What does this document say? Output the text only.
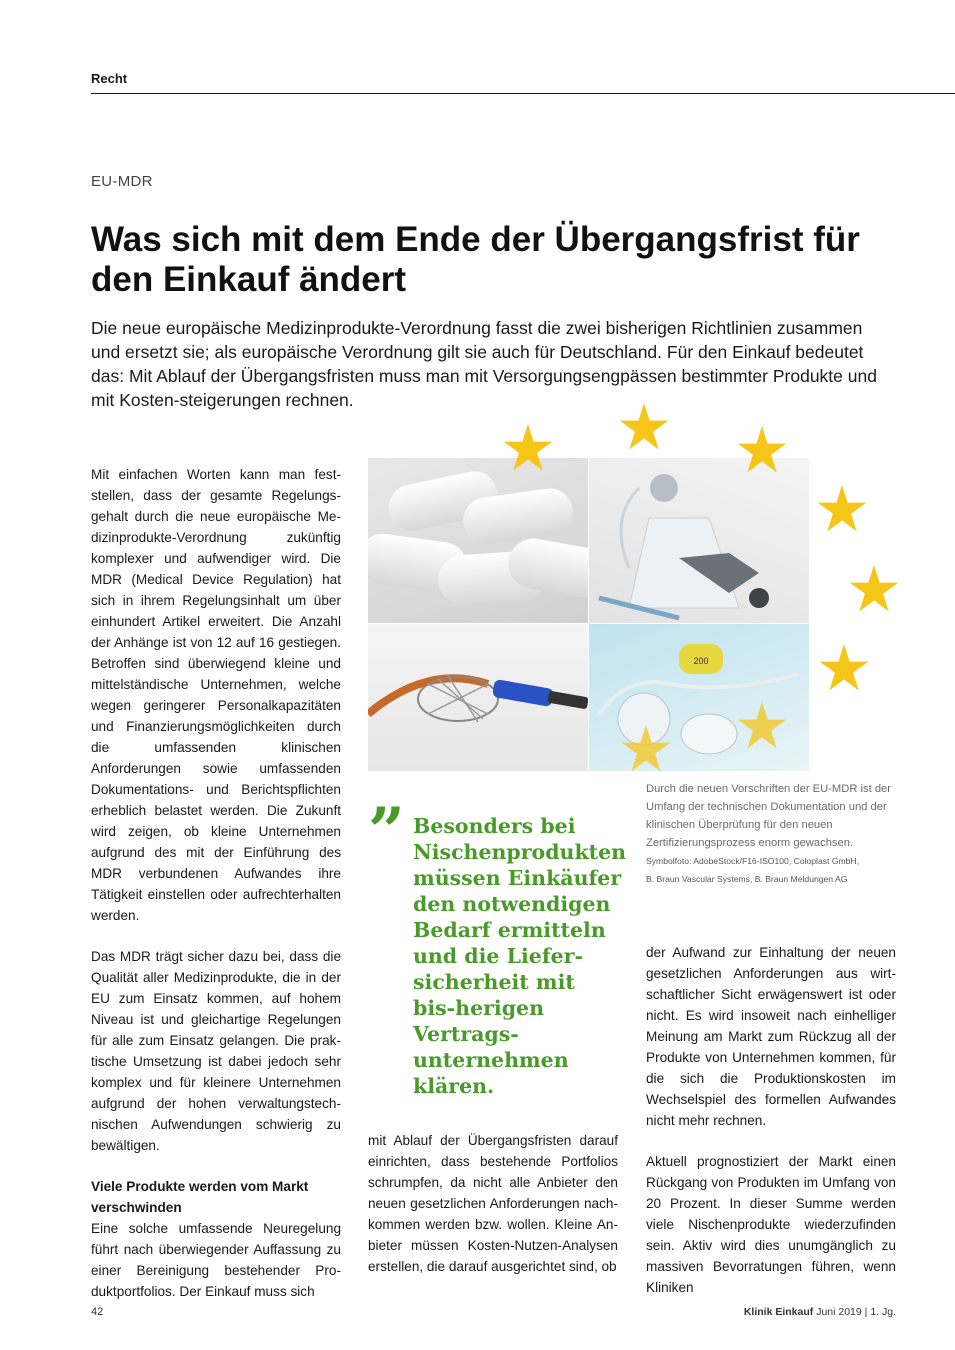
Recht
EU-MDR
Was sich mit dem Ende der Übergangsfrist für den Einkauf ändert
Die neue europäische Medizinprodukte-Verordnung fasst die zwei bisherigen Richtlinien zusammen und ersetzt sie; als europäische Verordnung gilt sie auch für Deutschland. Für den Einkauf bedeutet das: Mit Ablauf der Übergangsfristen muss man mit Versorgungsengpässen bestimmter Produkte und mit Kosten-steigerungen rechnen.

Mit einfachen Worten kann man fest-stellen, dass der gesamte Regelungs-gehalt durch die neue europäische Me-dizinprodukte-Verordnung zukünftig komplexer und aufwendiger wird. Die MDR (Medical Device Regulation) hat sich in ihrem Regelungsinhalt um über einhundert Artikel erweitert. Die Anzahl der Anhänge ist von 12 auf 16 gestiegen. Betroffen sind überwiegend kleine und mittelständische Unternehmen, welche wegen geringerer Personalkapazitäten und Finanzierungsmöglichkeiten durch die umfassenden klinischen Anforderungen sowie umfassenden Dokumentations- und Berichtspflichten erheblich belastet werden. Die Zukunft wird zeigen, ob kleine Unternehmen aufgrund des mit der Einführung des MDR verbundenen Aufwandes ihre Tätigkeit einstellen oder aufrechterhalten werden.

Das MDR trägt sicher dazu bei, dass die Qualität aller Medizinprodukte, die in der EU zum Einsatz kommen, auf hohem Niveau ist und gleichartige Regelungen für alle zum Einsatz gelangen. Die prak-tische Umsetzung ist dabei jedoch sehr komplex und für kleinere Unternehmen aufgrund der hohen verwaltungstech-nischen Aufwendungen schwierig zu bewältigen.

Viele Produkte werden vom Markt verschwinden

Eine solche umfassende Neuregelung führt nach überwiegender Auffassung zu einer Bereinigung bestehender Pro-duktportfolios. Der Einkauf muss sich

200
Durch die neuen Vorschriften der EU-MDR ist der Umfang der technischen Dokumentation und der klinischen Überprüfung für den neuen Zertifizierungsprozess enorm gewachsen.
Symbolfoto: AdobeStock/F16-ISO100, Coloplast GmbH,
B. Braun Vascular Systems, B. Braun Meldungen AG
” Besonders bei Nischenprodukten müssen Einkäufer den notwendigen Bedarf ermitteln und die Liefer-sicherheit mit bis-herigen Vertrags-unternehmen klären.

mit Ablauf der Übergangsfristen darauf einrichten, dass bestehende Portfolios schrumpfen, da nicht alle Anbieter den neuen gesetzlichen Anforderungen nach-kommen werden bzw. wollen. Kleine An-bieter müssen Kosten-Nutzen-Analysen erstellen, die darauf ausgerichtet sind, ob

der Aufwand zur Einhaltung der neuen gesetzlichen Anforderungen aus wirt-schaftlicher Sicht erwägenswert ist oder nicht. Es wird insoweit nach einhelliger Meinung am Markt zum Rückzug all der Produkte von Unternehmen kommen, für die sich die Produktionskosten im Wechselspiel des formellen Aufwandes nicht mehr rechnen.

Aktuell prognostiziert der Markt einen Rückgang von Produkten im Umfang von 20 Prozent. In dieser Summe werden viele Nischenprodukte wiederzufinden sein. Aktiv wird dies unumgänglich zu massiven Bevorratungen führen, wenn Kliniken

42	Klinik Einkauf Juni 2019 | 1. Jg.
